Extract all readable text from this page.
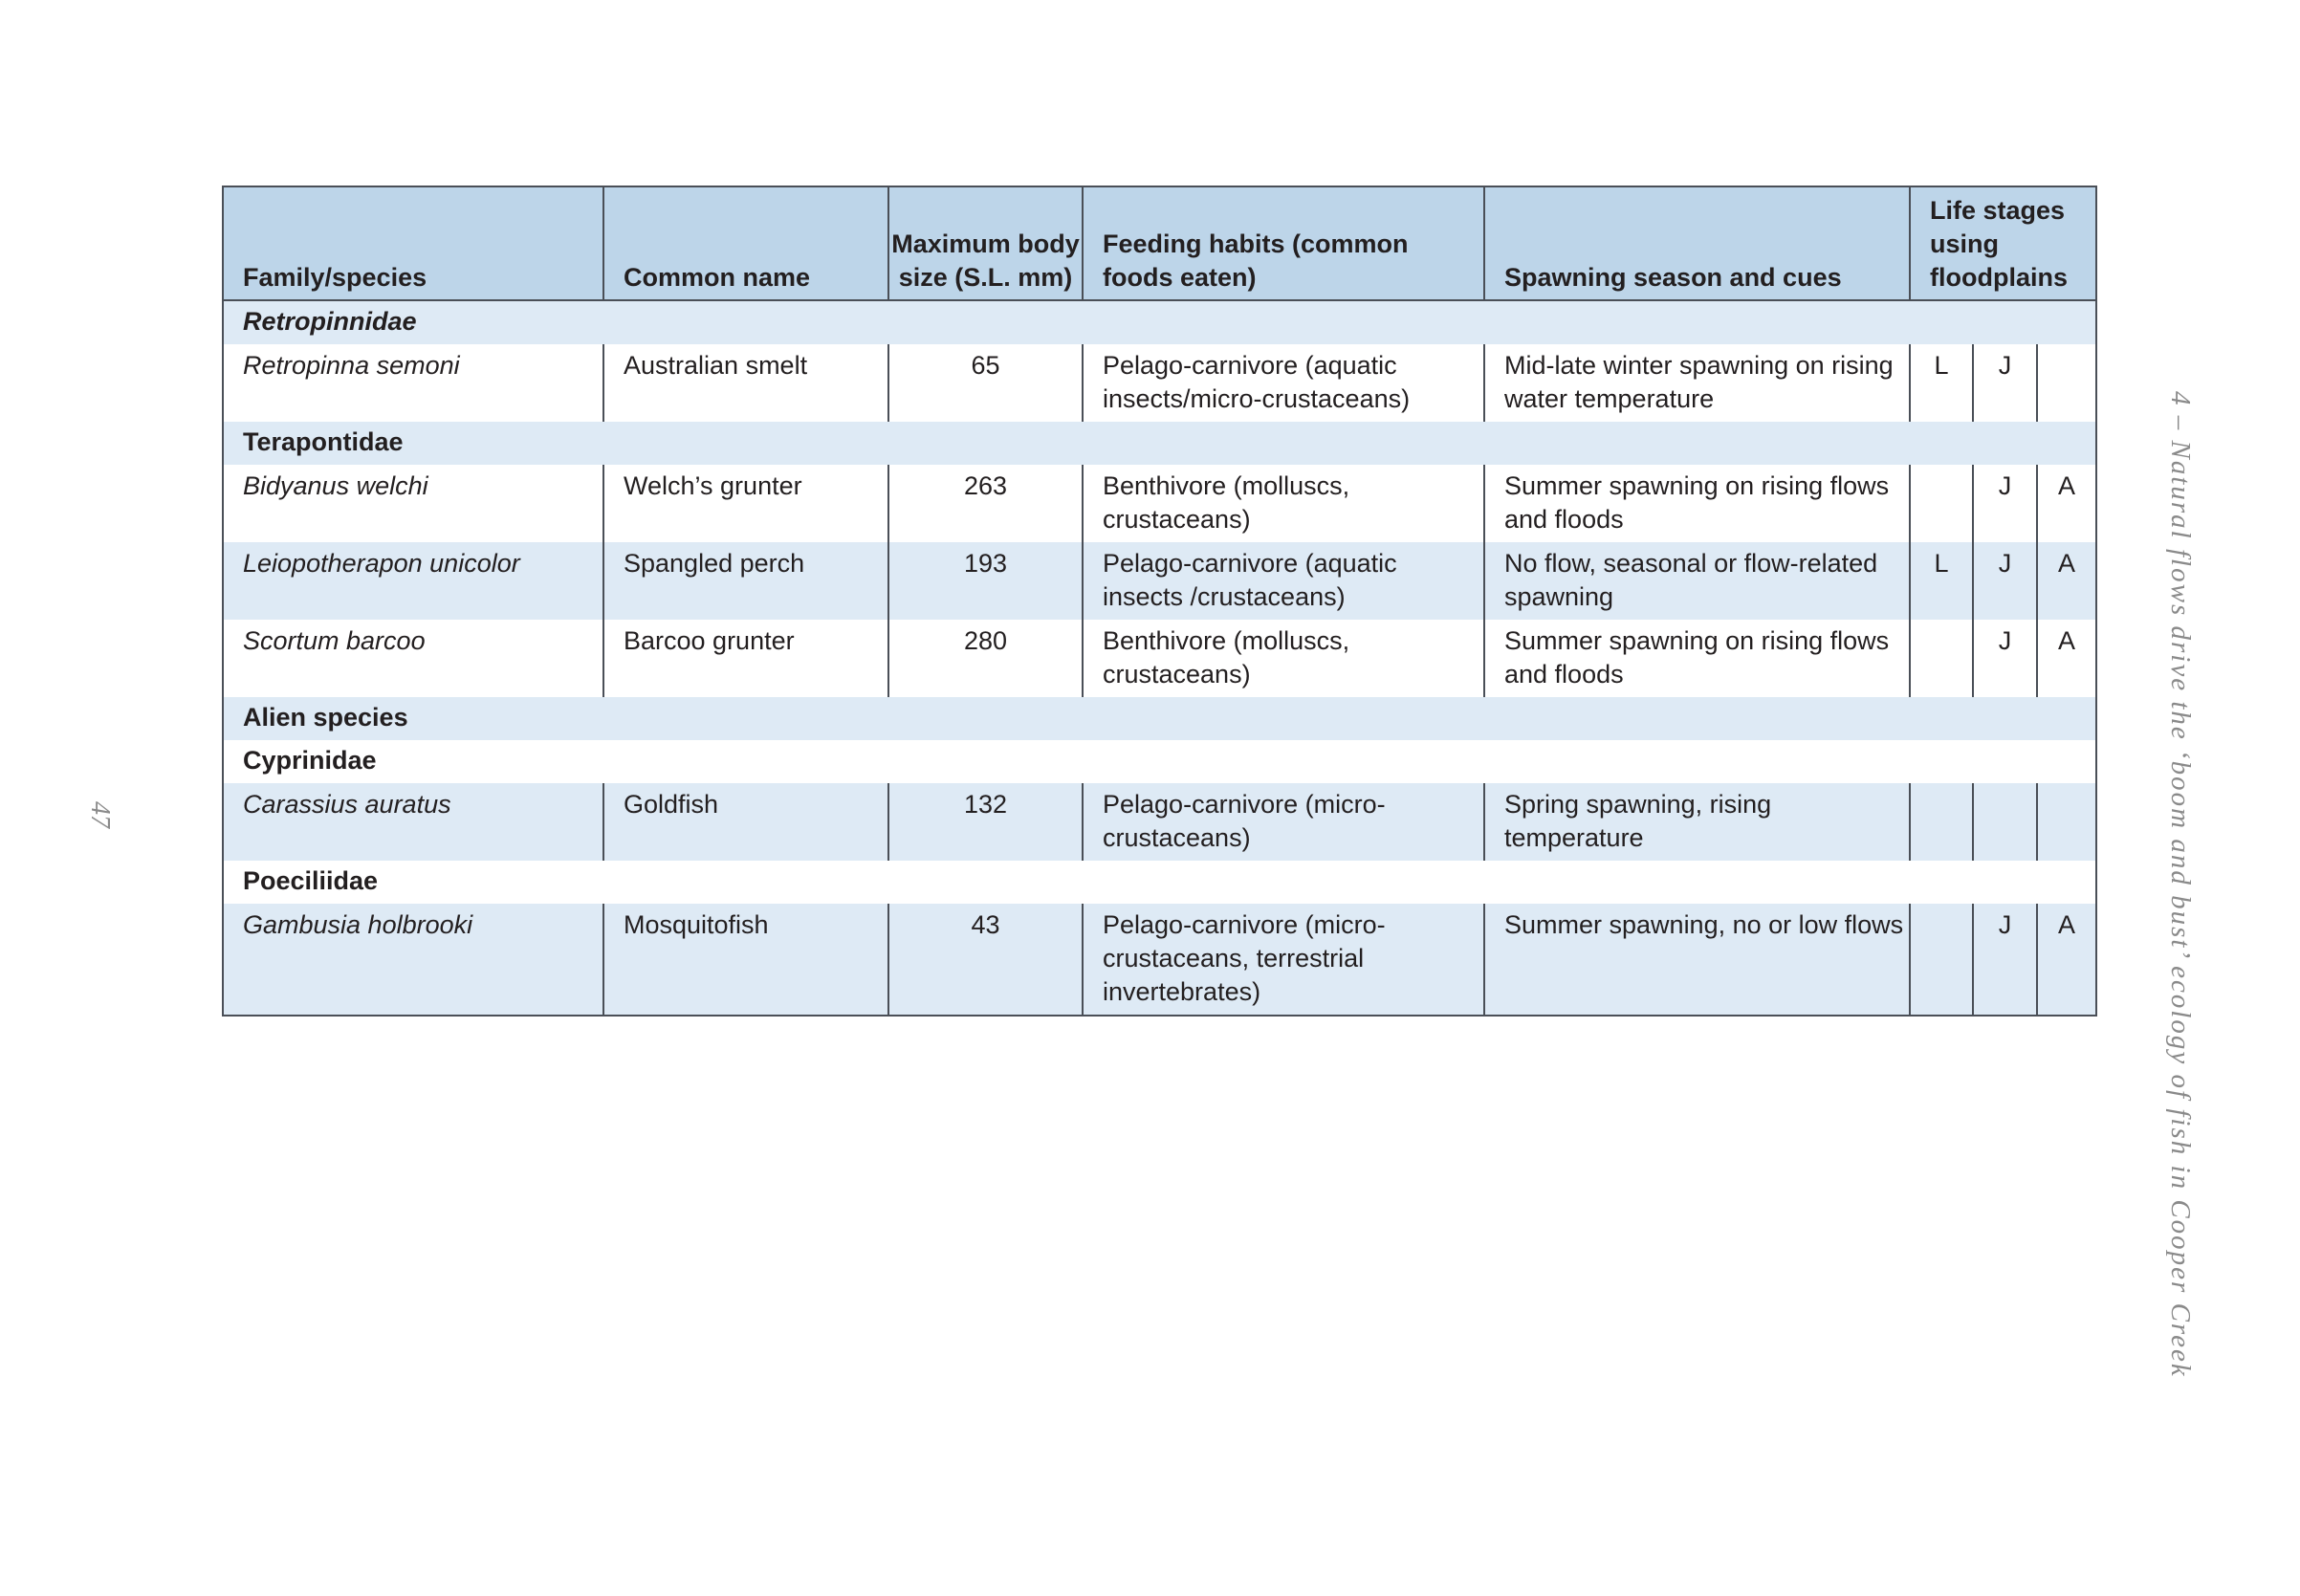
Family/species	Common name	Maximum body size (S.L. mm)	Feeding habits (common foods eaten)	Spawning season and cues	Life stages using floodplains		
Retropinnidae							
Retropinna semoni	Australian smelt	65	Pelago-carnivore (aquatic insects/micro-crustaceans)	Mid-late winter spawning on rising water temperature	L	J	
Terapontidae							
Bidyanus welchi	Welch’s grunter	263	Benthivore (molluscs, crustaceans)	Summer spawning on rising flows and floods		J	A
Leiopotherapon unicolor	Spangled perch	193	Pelago-carnivore (aquatic insects /crustaceans)	No flow, seasonal or flow-related spawning	L	J	A
Scortum barcoo	Barcoo grunter	280	Benthivore (molluscs, crustaceans)	Summer spawning on rising flows and floods		J	A
Alien species							
Cyprinidae							
Carassius auratus	Goldfish	132	Pelago-carnivore (micro-crustaceans)	Spring spawning, rising temperature			
Poeciliidae							
Gambusia holbrooki	Mosquitofish	43	Pelago-carnivore (micro-crustaceans, terrestrial invertebrates)	Summer spawning, no or low flows		J	A
47	4 – Natural flows drive the ‘boom and bust’ ecology of fish in Cooper Creek
